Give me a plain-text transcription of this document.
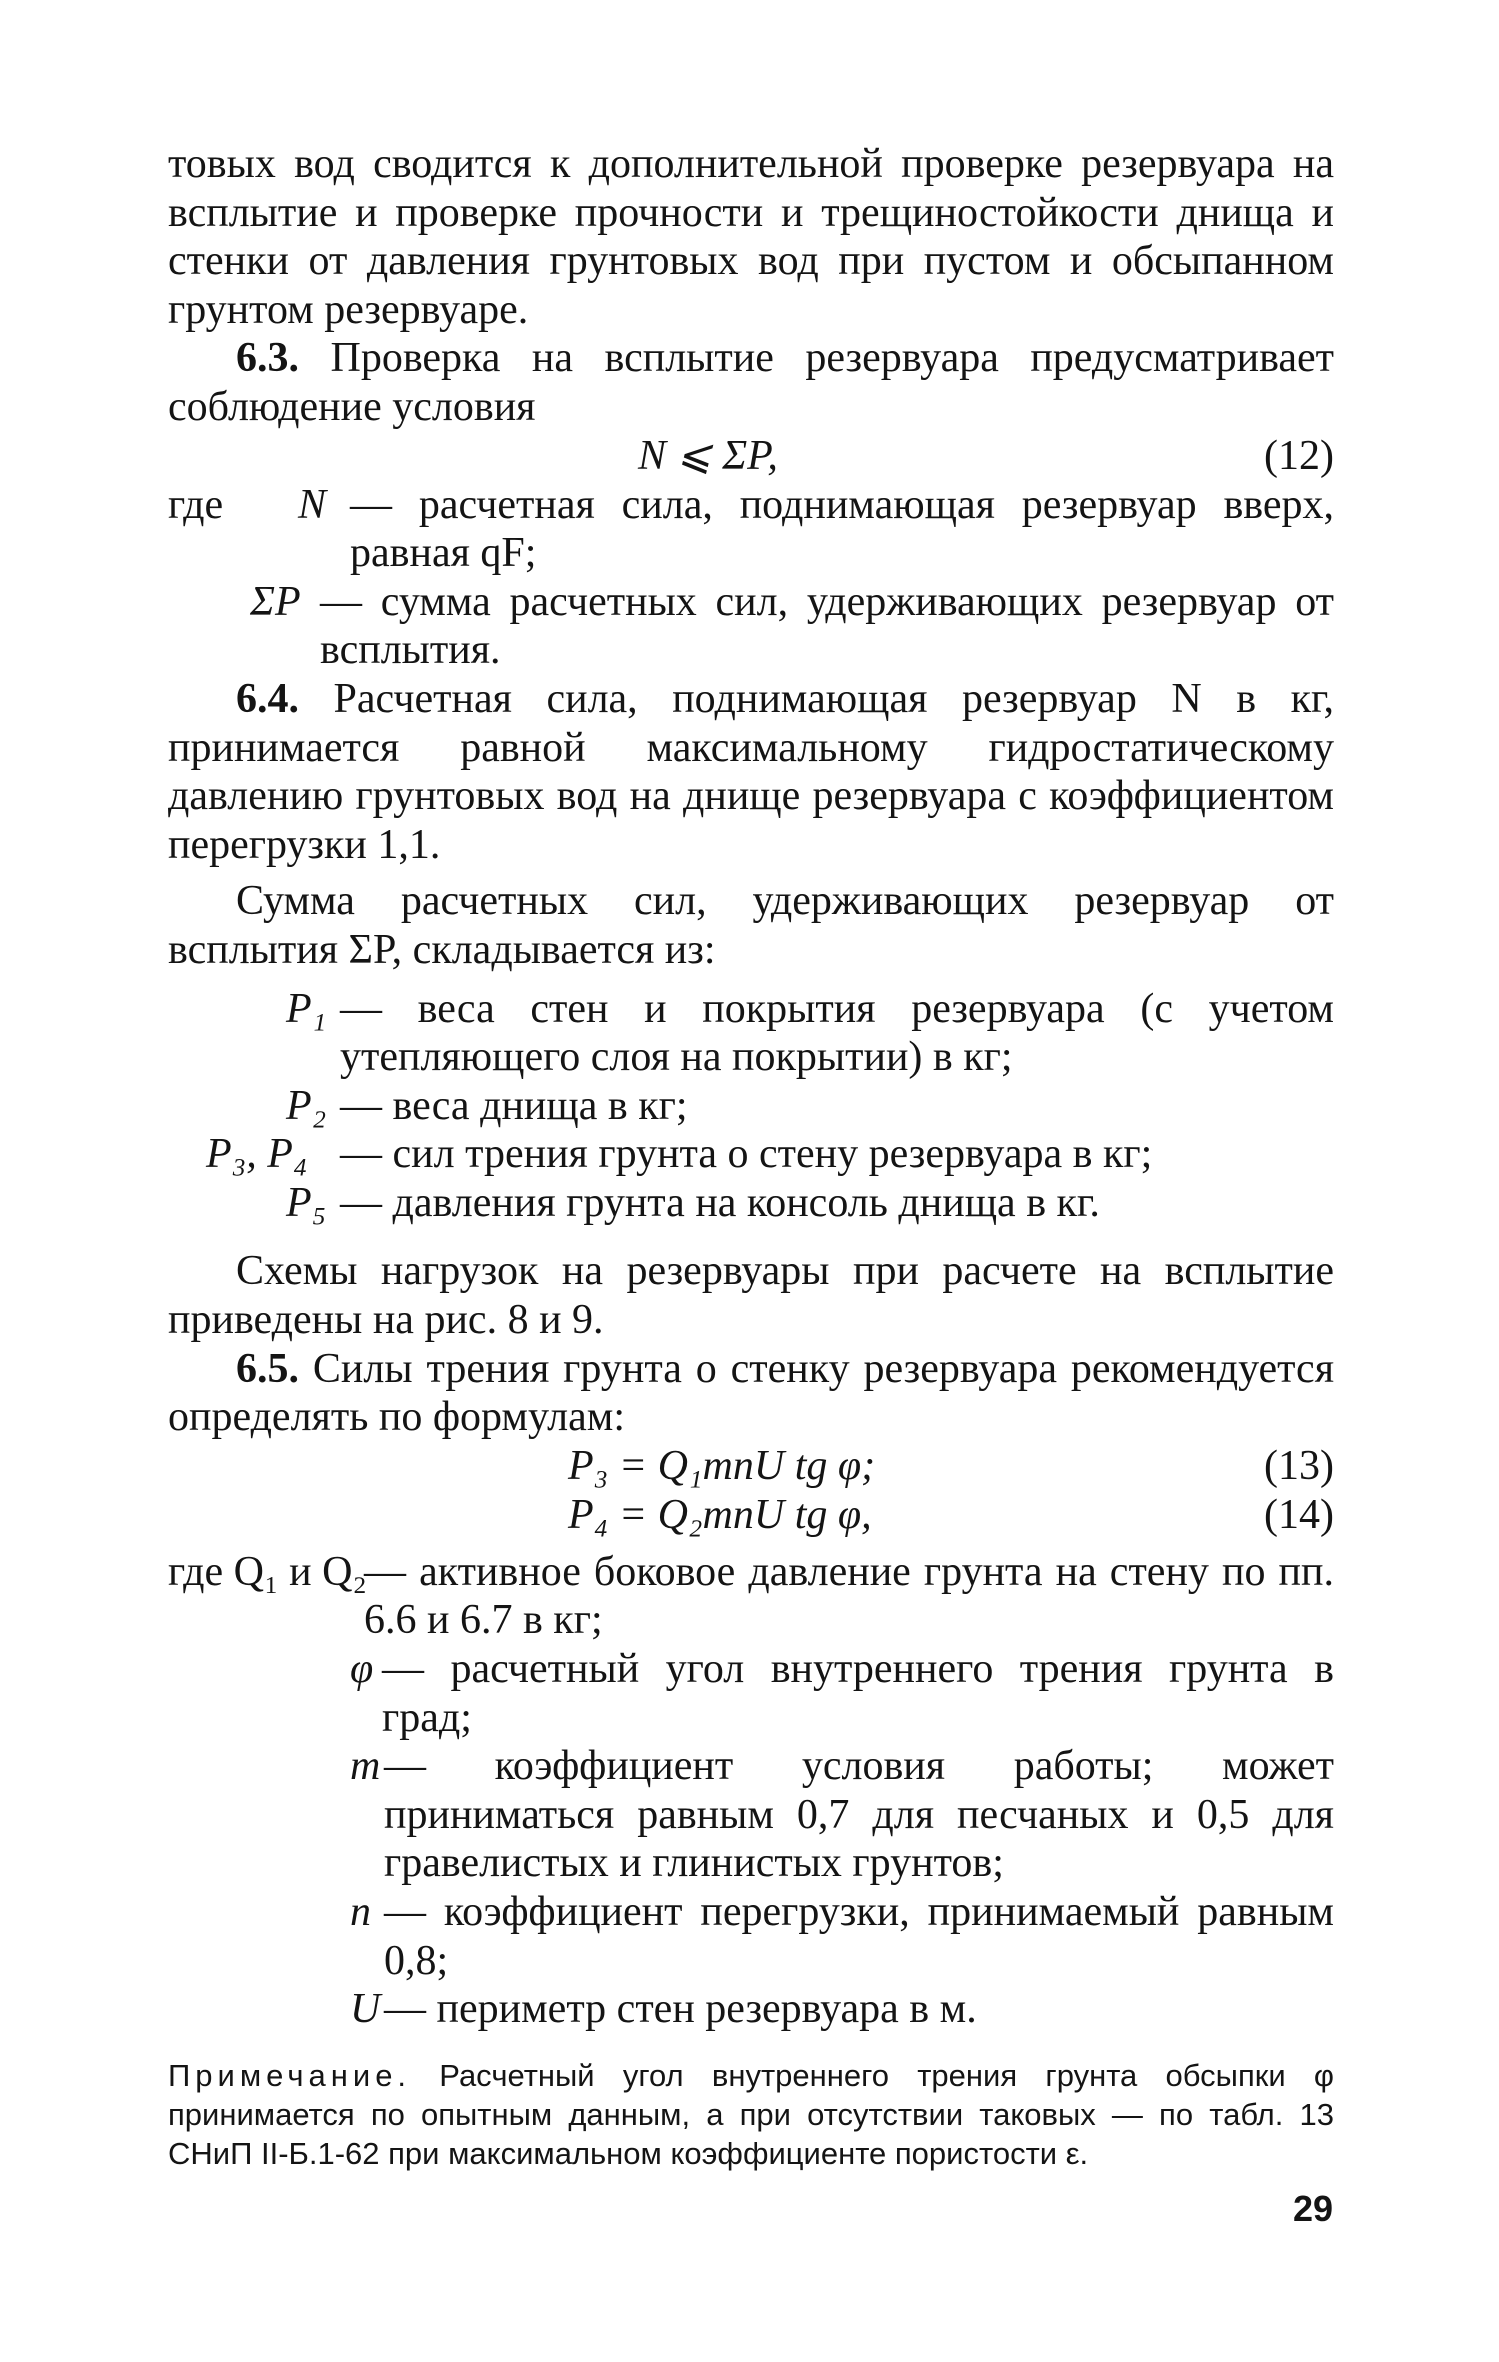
товых вод сводится к дополнительной проверке резервуара на всплытие и проверке прочности и трещиностойкости днища и стенки от давления грунтовых вод при пустом и обсыпанном грунтом резервуаре.

6.3. Проверка на всплытие резервуара предусматривает соблюдение условия

N ⩽ ΣP,	(12)
где	N — расчетная сила, поднимающая резервуар вверх, равная qF;
ΣP — сумма расчетных сил, удерживающих резервуар от всплытия.

6.4. Расчетная сила, поднимающая резервуар N в кг, принимается равной максимальному гидростатическому давлению грунтовых вод на днище резервуара с коэффициентом перегрузки 1,1.

Сумма расчетных сил, удерживающих резервуар от всплытия ΣP, складывается из:

P₁ — веса стен и покрытия резервуара (с учетом утепляющего слоя на покрытии) в кг;
P₂ — веса днища в кг;
P₃, P₄ — сил трения грунта о стену резервуара в кг;
P₅ — давления грунта на консоль днища в кг.

Схемы нагрузок на резервуары при расчете на всплытие приведены на рис. 8 и 9.

6.5. Силы трения грунта о стенку резервуара рекомендуется определять по формулам:

P₃ = Q₁mnU tg φ;	(13)
P₄ = Q₂mnU tg φ,	(14)
где Q₁ и Q₂
— активное боковое давление грунта на стену по пп. 6.6 и 6.7 в кг;
φ — расчетный угол внутреннего трения грунта в град;
m — коэффициент условия работы; может приниматься равным 0,7 для песчаных и 0,5 для гравелистых и глинистых грунтов;
n — коэффициент перегрузки, принимаемый равным 0,8;
U — периметр стен резервуара в м.

Примечание. Расчетный угол внутреннего трения грунта обсыпки φ принимается по опытным данным, а при отсутствии таковых — по табл. 13 СНиП II-Б.1-62 при максимальном коэффициенте пористости ε.

29
